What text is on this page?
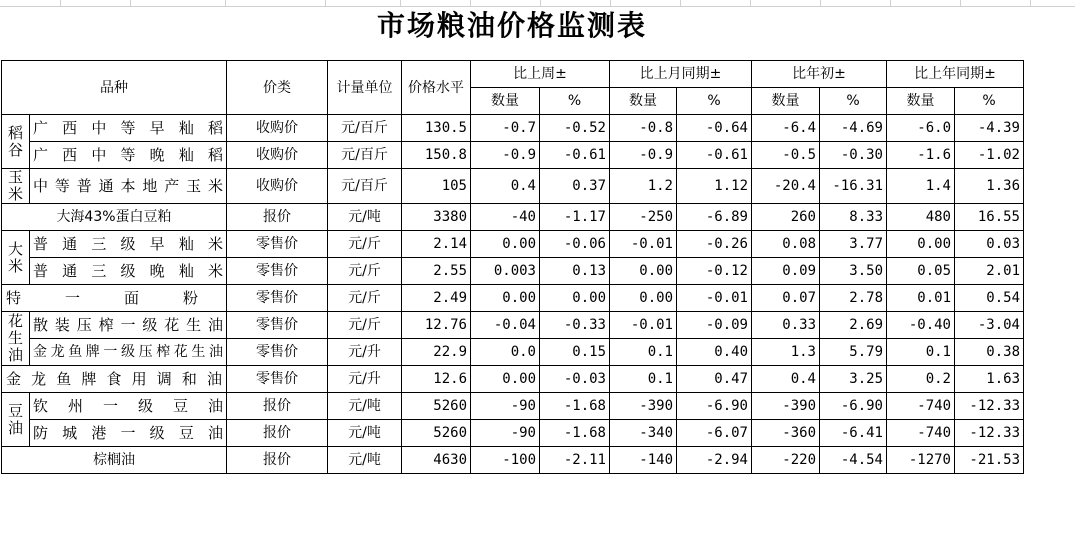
市场粮油价格监测表
品种		价类	计量单位	价格水平	比上周±		比上月同期±		比年初±		比上年同期±	
					数量	%	数量	%	数量	%	数量	%
稻谷	广西中等早籼稻	收购价	元/百斤	130.5	-0.7	-0.52	-0.8	-0.64	-6.4	-4.69	-6.0	-4.39
	广西中等晚籼稻	收购价	元/百斤	150.8	-0.9	-0.61	-0.9	-0.61	-0.5	-0.30	-1.6	-1.02
玉米	中等普通本地产玉米	收购价	元/百斤	105	0.4	0.37	1.2	1.12	-20.4	-16.31	1.4	1.36
大海43%蛋白豆粕		报价	元/吨	3380	-40	-1.17	-250	-6.89	260	8.33	480	16.55
大米	普通三级早籼米	零售价	元/斤	2.14	0.00	-0.06	-0.01	-0.26	0.08	3.77	0.00	0.03
	普通三级晚籼米	零售价	元/斤	2.55	0.003	0.13	0.00	-0.12	0.09	3.50	0.05	2.01
特一面粉		零售价	元/斤	2.49	0.00	0.00	0.00	-0.01	0.07	2.78	0.01	0.54
花生油	散装压榨一级花生油	零售价	元/斤	12.76	-0.04	-0.33	-0.01	-0.09	0.33	2.69	-0.40	-3.04
	金龙鱼牌一级压榨花生油	零售价	元/升	22.9	0.0	0.15	0.1	0.40	1.3	5.79	0.1	0.38
金龙鱼牌食用调和油		零售价	元/升	12.6	0.00	-0.03	0.1	0.47	0.4	3.25	0.2	1.63
豆油	钦州一级豆油	报价	元/吨	5260	-90	-1.68	-390	-6.90	-390	-6.90	-740	-12.33
	防城港一级豆油	报价	元/吨	5260	-90	-1.68	-340	-6.07	-360	-6.41	-740	-12.33
棕榈油		报价	元/吨	4630	-100	-2.11	-140	-2.94	-220	-4.54	-1270	-21.53
